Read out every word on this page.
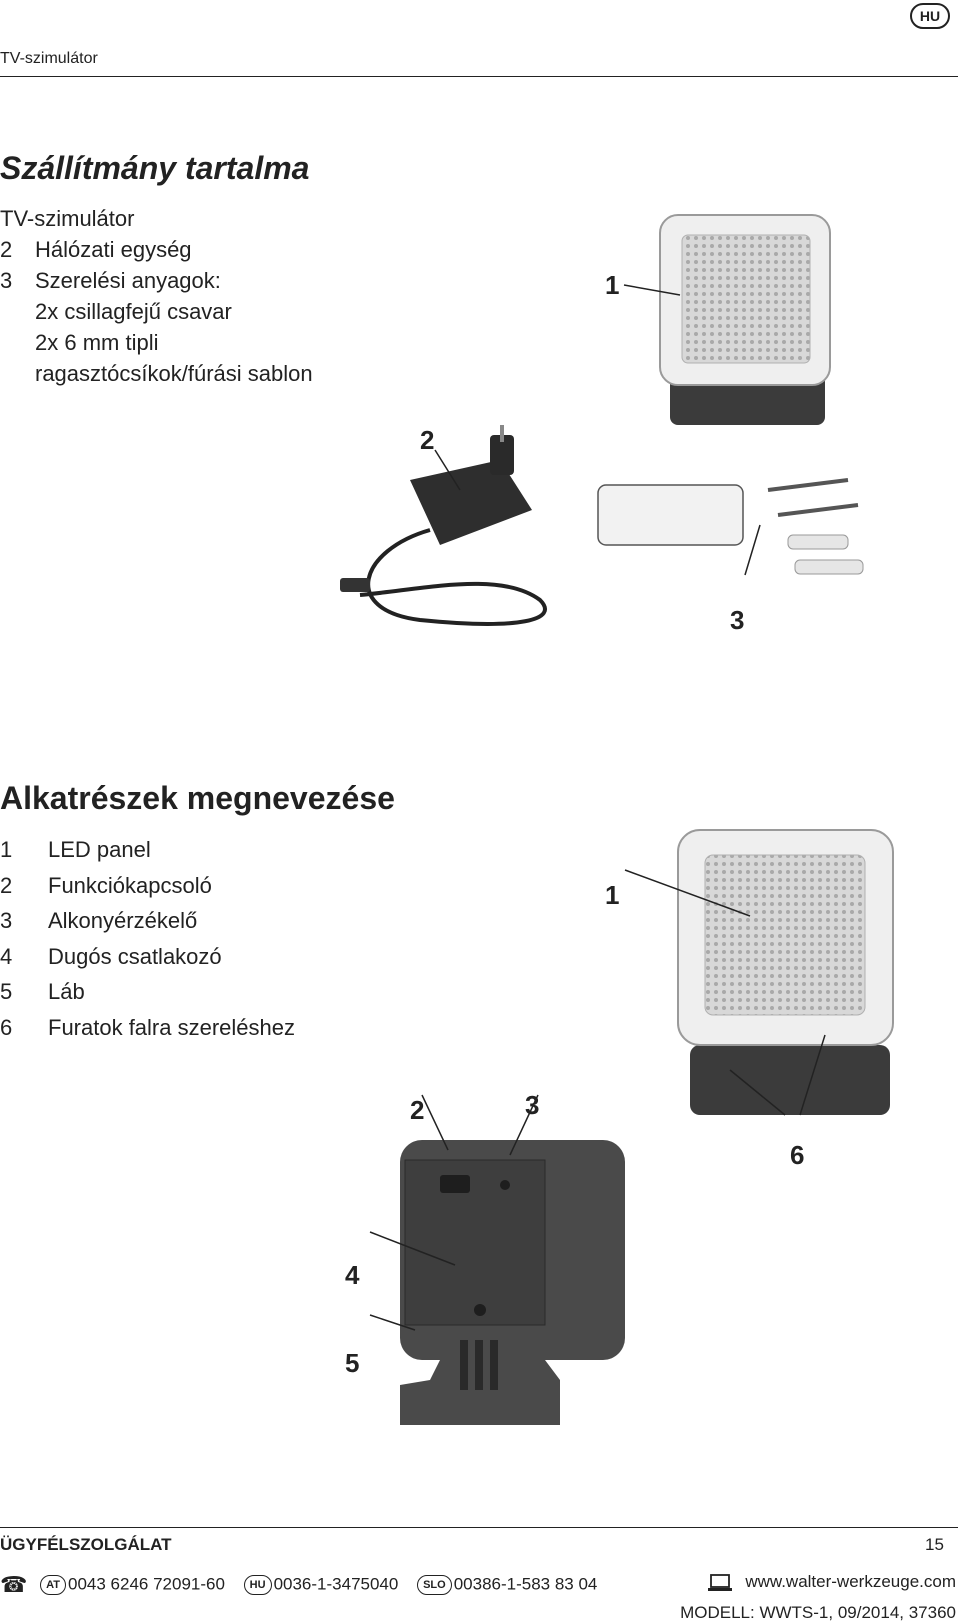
HU
TV-szimulátor
Szállítmány tartalma
TV-szimulátor
2	Hálózati egység
3	Szerelési anyagok:
2x csillagfejű csavar
2x 6 mm tipli
ragasztócsíkok/fúrási sablon
1
2
3
Alkatrészek megnevezése
1	LED panel
2	Funkciókapcsoló
3	Alkonyérzékelő
4	Dugós csatlakozó
5	Láb
6	Furatok falra szereléshez
1
2	3
4
5
6
ÜGYFÉLSZOLGÁLAT	15
☎ AT 0043 6246 72091-60 HU 0036-1-3475040 SLO 00386-1-583 83 04	www.walter-werkzeuge.com
MODELL: WWTS-1, 09/2014, 37360
